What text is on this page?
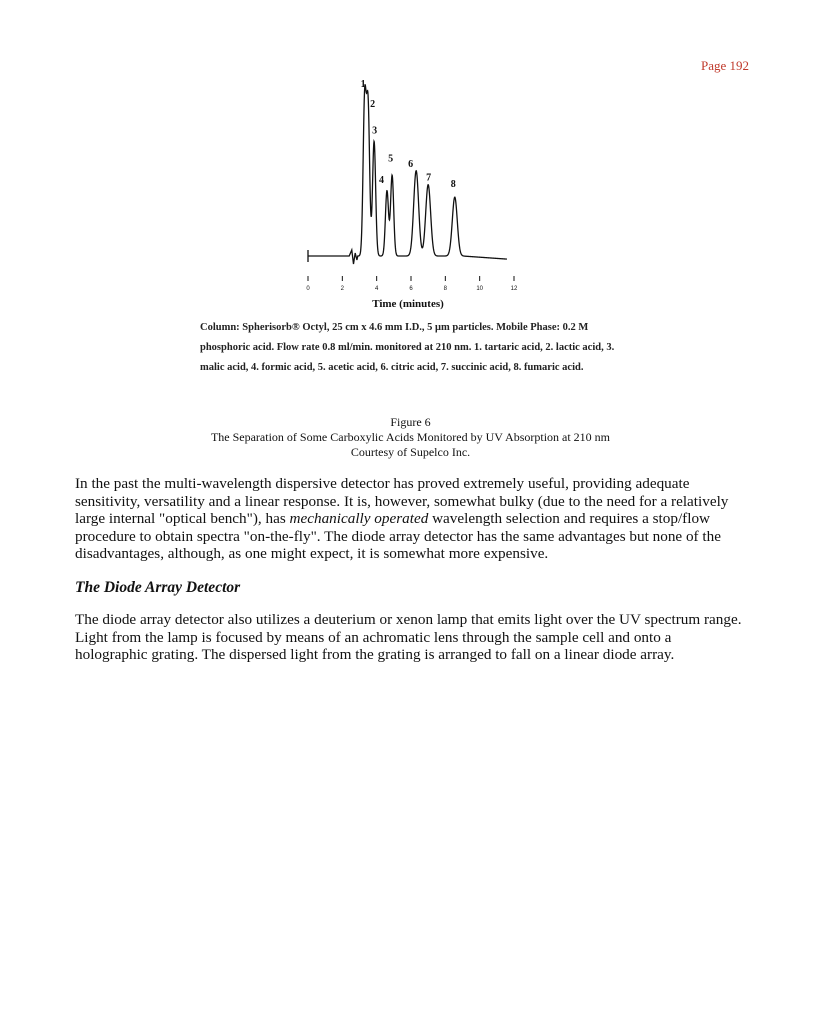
Page 192
1
2
3
4
5 6
7
8
0	2	4	6	8	10	12
Time (minutes)
Column: Spherisorb® Octyl, 25 cm x 4.6 mm I.D., 5 μm particles. Mobile Phase: 0.2 M phosphoric acid. Flow rate 0.8 ml/min. monitored at 210 nm. 1. tartaric acid, 2. lactic acid, 3. malic acid, 4. formic acid, 5. acetic acid, 6. citric acid, 7. succinic acid, 8. fumaric acid.
Figure 6
The Separation of Some Carboxylic Acids Monitored by UV Absorption at 210 nm
Courtesy of Supelco Inc.

In the past the multi-wavelength dispersive detector has proved extremely useful, providing adequate sensitivity, versatility and a linear response. It is, however, somewhat bulky (due to the need for a relatively large internal "optical bench"), has mechanically operated wavelength selection and requires a stop/flow procedure to obtain spectra "on-the-fly". The diode array detector has the same advantages but none of the disadvantages, although, as one might expect, it is somewhat more expensive.

The Diode Array Detector

The diode array detector also utilizes a deuterium or xenon lamp that emits light over the UV spectrum range. Light from the lamp is focused by means of an achromatic lens through the sample cell and onto a holographic grating. The dispersed light from the grating is arranged to fall on a linear diode array.
